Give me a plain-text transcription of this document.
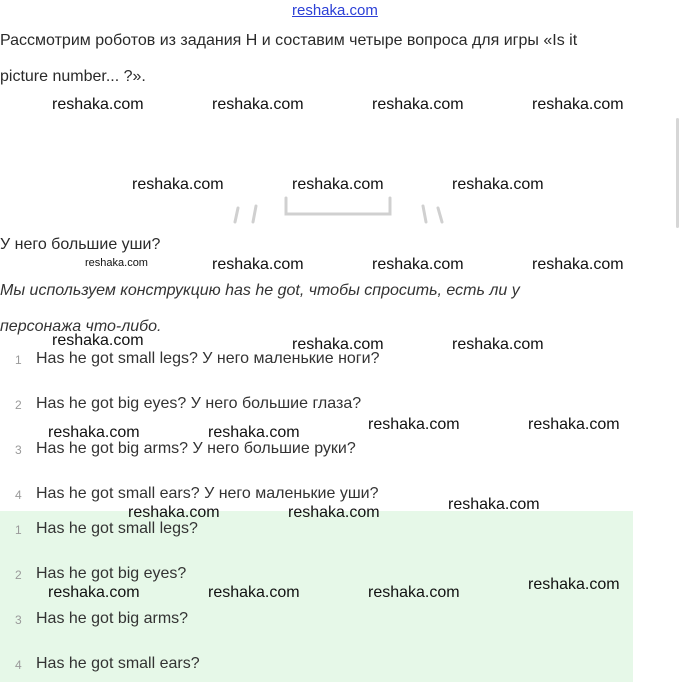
reshaka.com
Рассмотрим роботов из задания H и составим четыре вопроса для игры «Is it
picture number... ?».
У него большие уши?
Мы используем конструкцию has he got, чтобы спросить, есть ли у
персонажа что-либо.
1 Has he got small legs? У него маленькие ноги?
2 Has he got big eyes? У него большие глаза?
3 Has he got big arms? У него большие руки?
4 Has he got small ears? У него маленькие уши?
1 Has he got small legs?
2 Has he got big eyes?
3 Has he got big arms?
4 Has he got small ears?
reshaka.com	reshaka.com	reshaka.com	reshaka.com
reshaka.com	reshaka.com	reshaka.com
reshaka.com	reshaka.com	reshaka.com	reshaka.com
reshaka.com	reshaka.com	reshaka.com
reshaka.com	reshaka.com	reshaka.com	reshaka.com
reshaka.com	reshaka.com	reshaka.com
reshaka.com	reshaka.com	reshaka.com	reshaka.com
